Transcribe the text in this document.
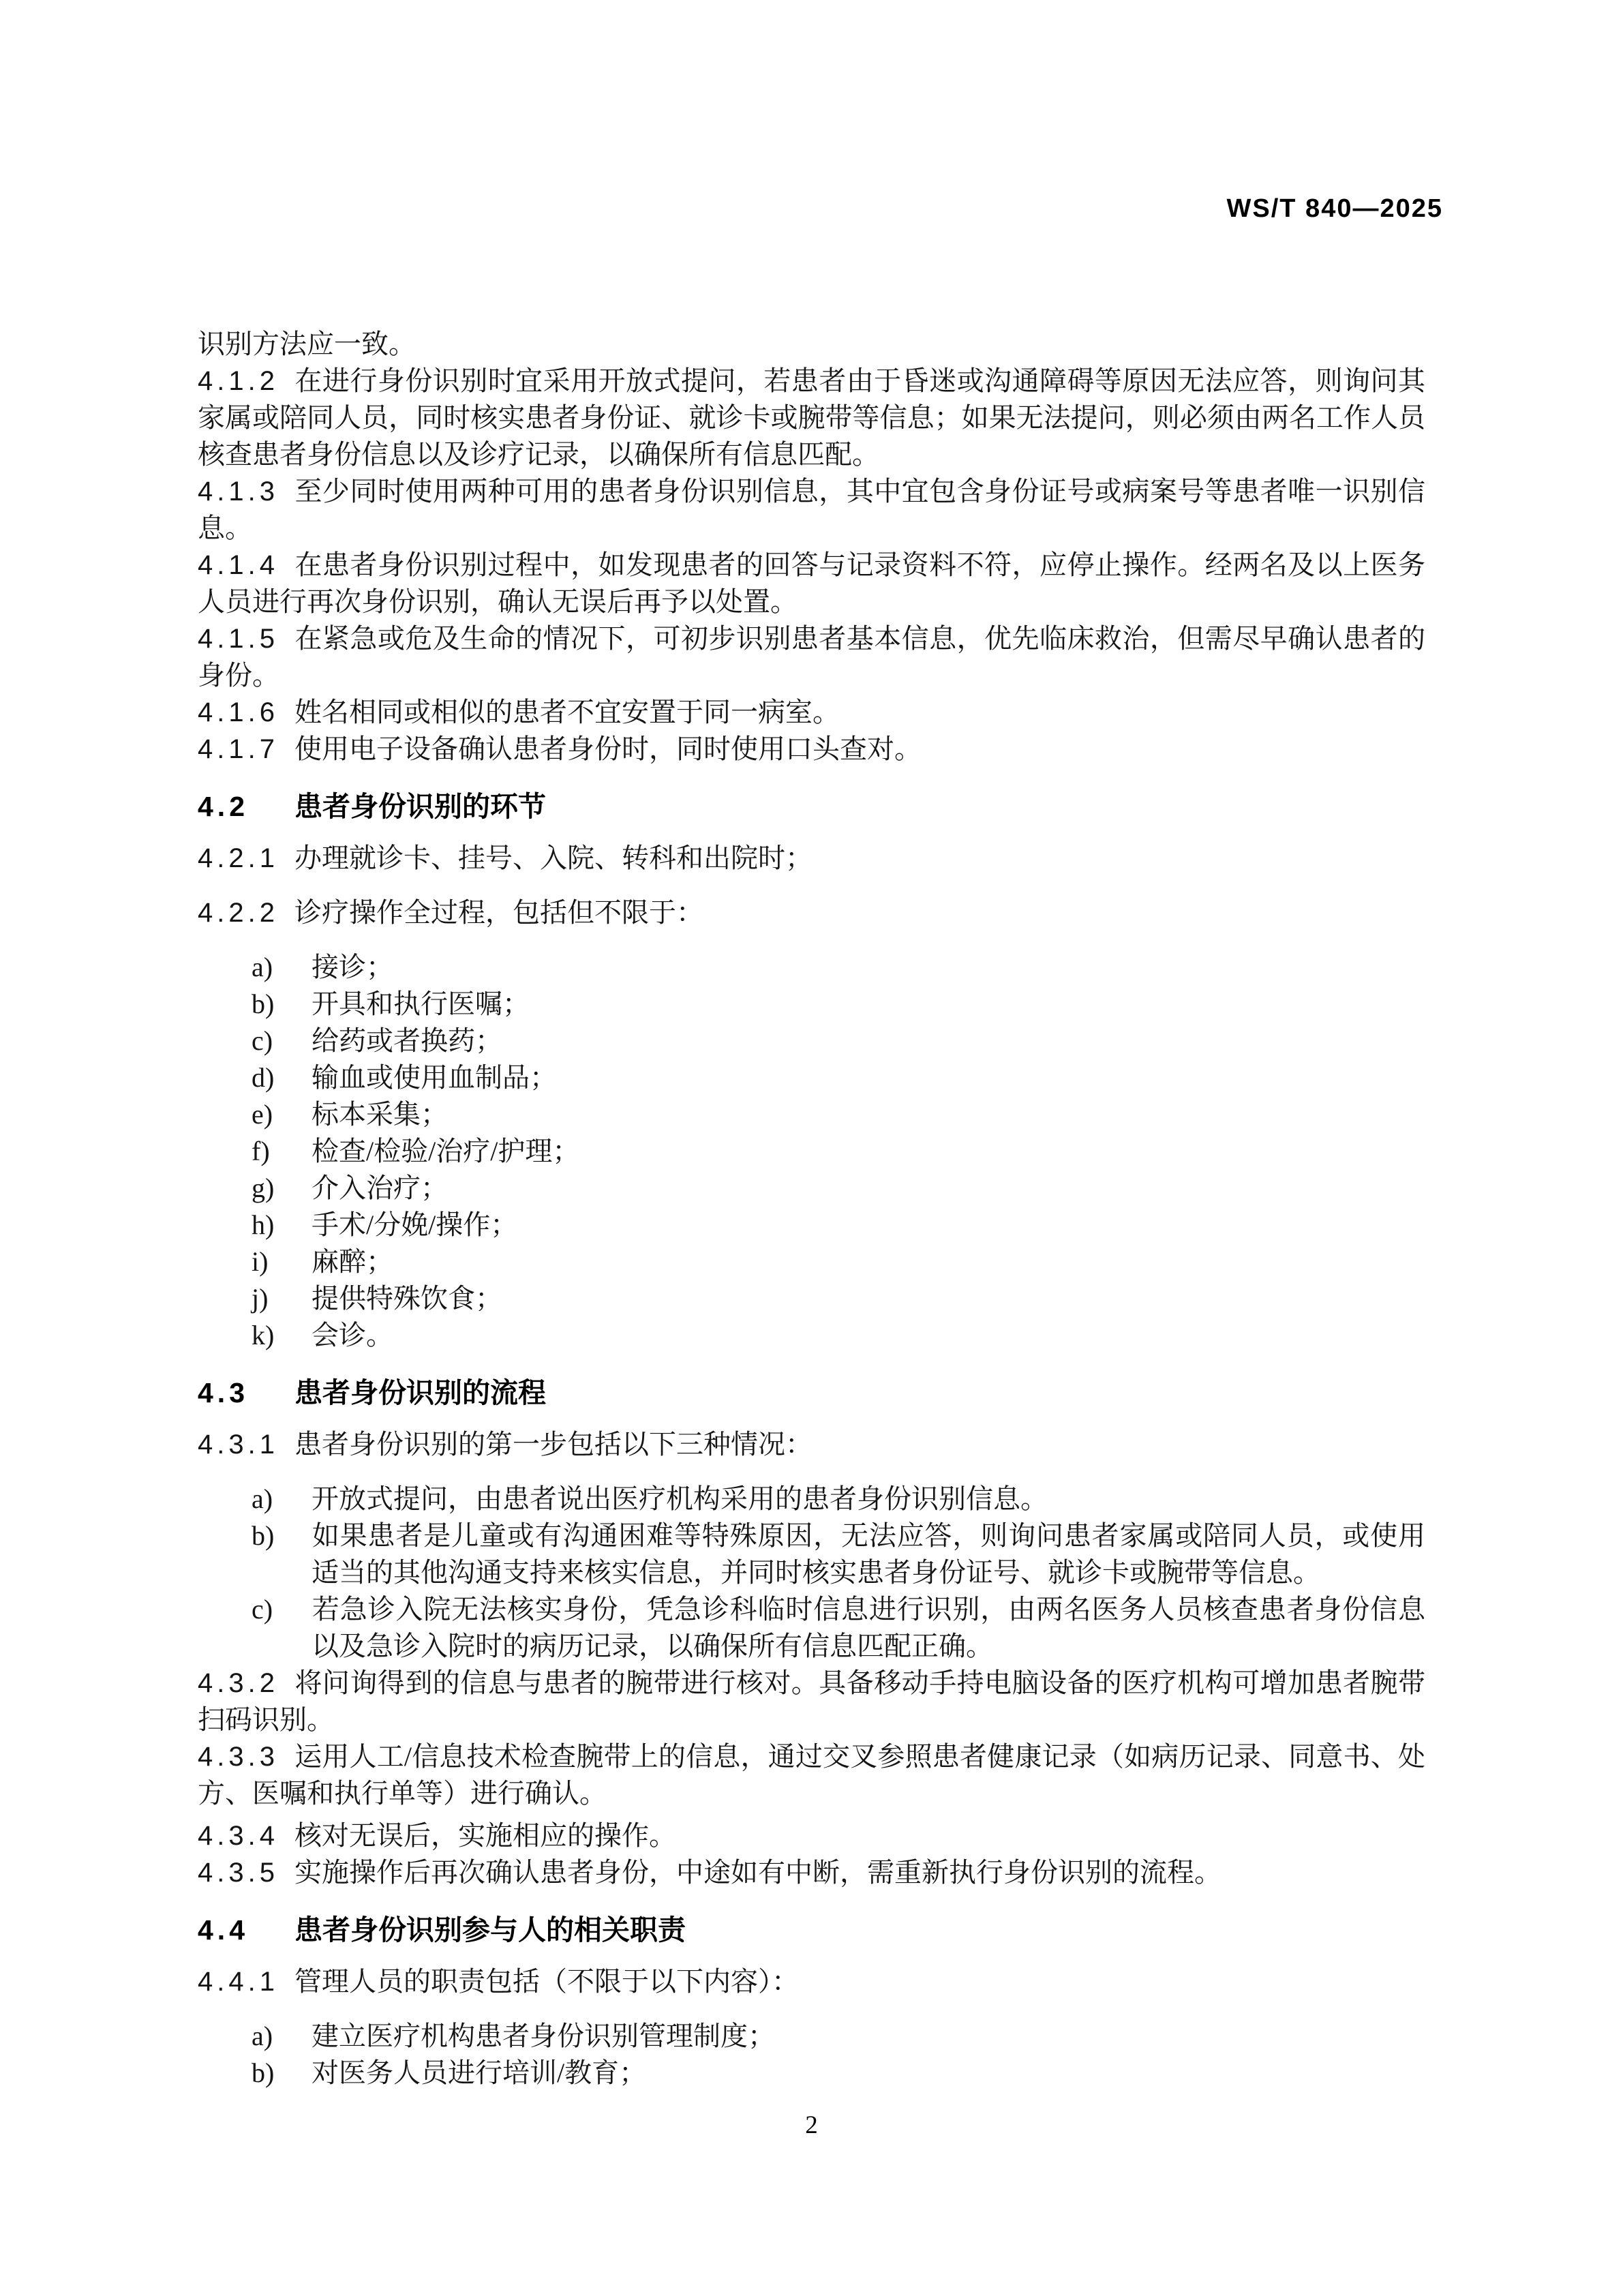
WS/T 840—2025

识别方法应一致。

4.1.2 在进行身份识别时宜采用开放式提问，若患者由于昏迷或沟通障碍等原因无法应答，则询问其家属或陪同人员，同时核实患者身份证、就诊卡或腕带等信息；如果无法提问，则必须由两名工作人员核查患者身份信息以及诊疗记录，以确保所有信息匹配。

4.1.3 至少同时使用两种可用的患者身份识别信息，其中宜包含身份证号或病案号等患者唯一识别信息。

4.1.4 在患者身份识别过程中，如发现患者的回答与记录资料不符，应停止操作。经两名及以上医务人员进行再次身份识别，确认无误后再予以处置。

4.1.5 在紧急或危及生命的情况下，可初步识别患者基本信息，优先临床救治，但需尽早确认患者的身份。

4.1.6 姓名相同或相似的患者不宜安置于同一病室。

4.1.7 使用电子设备确认患者身份时，同时使用口头查对。

4.2 患者身份识别的环节

4.2.1 办理就诊卡、挂号、入院、转科和出院时；

4.2.2 诊疗操作全过程，包括但不限于：

a) 接诊；

b) 开具和执行医嘱；

c) 给药或者换药；

d) 输血或使用血制品；

e) 标本采集；

f) 检查/检验/治疗/护理；

g) 介入治疗；

h) 手术/分娩/操作；

i) 麻醉；

j) 提供特殊饮食；

k) 会诊。

4.3 患者身份识别的流程

4.3.1 患者身份识别的第一步包括以下三种情况：

a) 开放式提问，由患者说出医疗机构采用的患者身份识别信息。

b) 如果患者是儿童或有沟通困难等特殊原因，无法应答，则询问患者家属或陪同人员，或使用适当的其他沟通支持来核实信息，并同时核实患者身份证号、就诊卡或腕带等信息。

c) 若急诊入院无法核实身份，凭急诊科临时信息进行识别，由两名医务人员核查患者身份信息以及急诊入院时的病历记录，以确保所有信息匹配正确。

4.3.2 将问询得到的信息与患者的腕带进行核对。具备移动手持电脑设备的医疗机构可增加患者腕带扫码识别。

4.3.3 运用人工/信息技术检查腕带上的信息，通过交叉参照患者健康记录（如病历记录、同意书、处方、医嘱和执行单等）进行确认。

4.3.4 核对无误后，实施相应的操作。

4.3.5 实施操作后再次确认患者身份，中途如有中断，需重新执行身份识别的流程。

4.4 患者身份识别参与人的相关职责

4.4.1 管理人员的职责包括（不限于以下内容）：

a) 建立医疗机构患者身份识别管理制度；

b) 对医务人员进行培训/教育；

2
